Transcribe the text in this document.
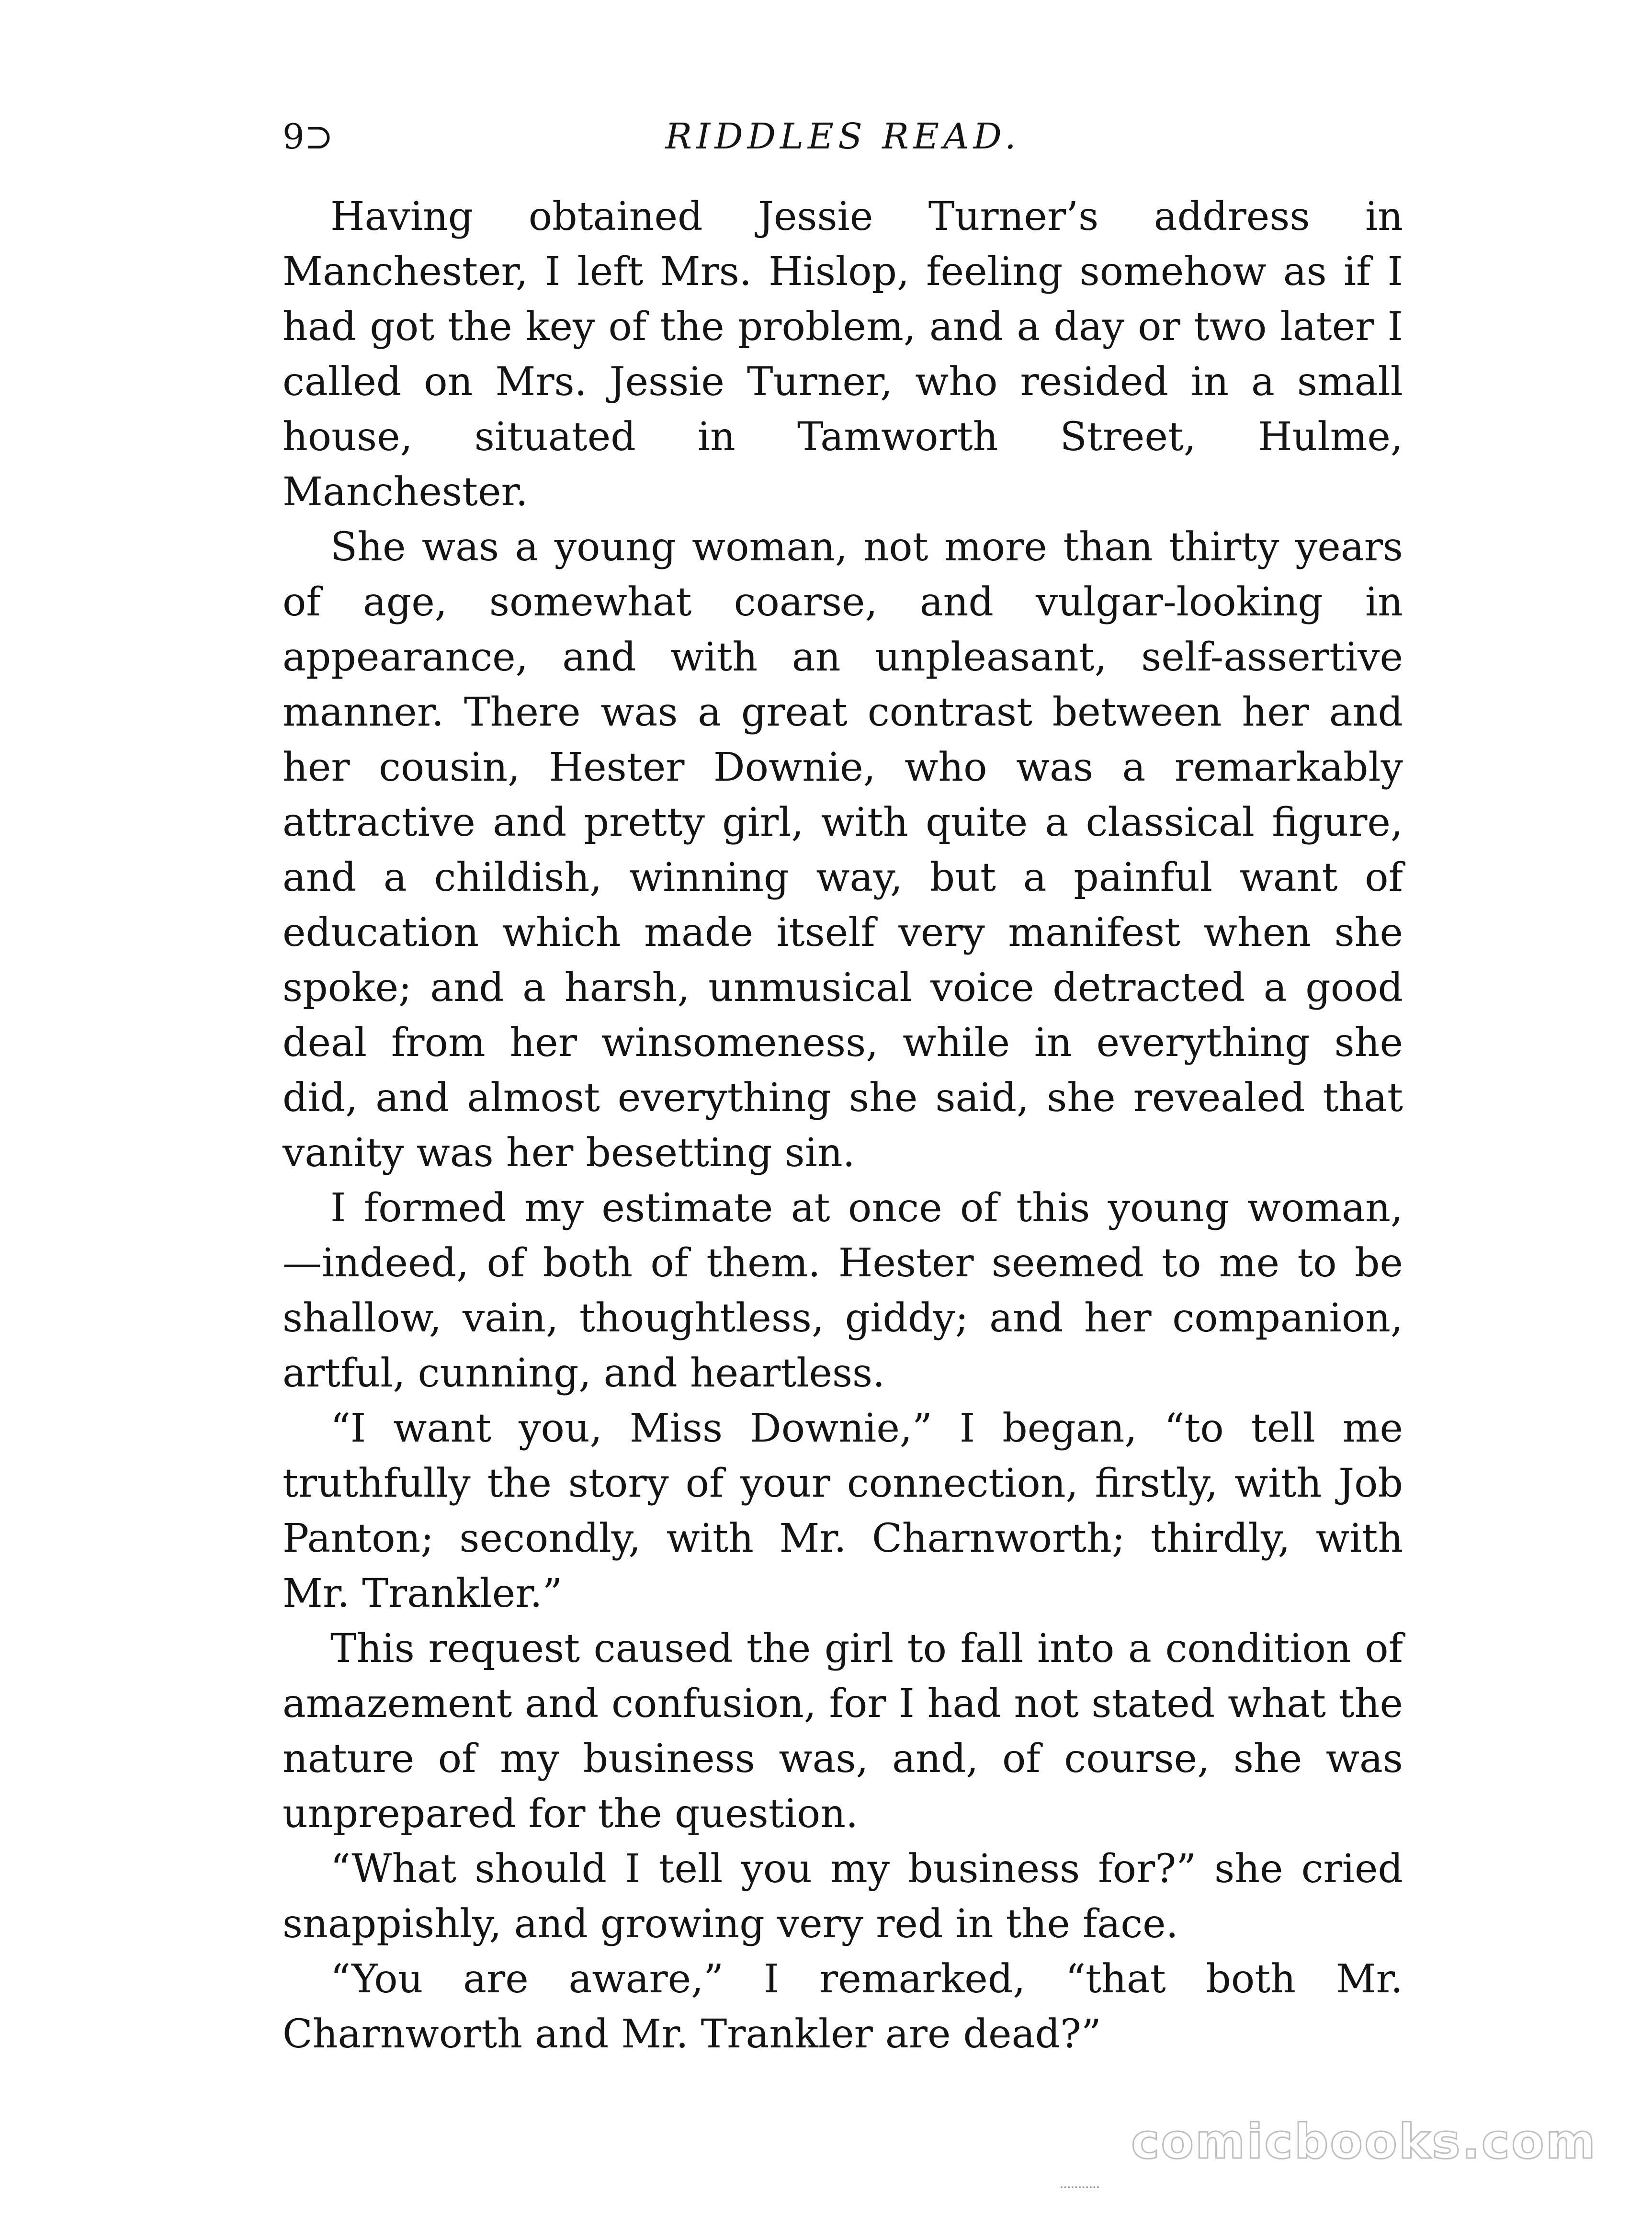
9⊃	RIDDLES READ.

Having obtained Jessie Turner’s address in Manchester, I left Mrs. Hislop, feeling somehow as if I had got the key of the problem, and a day or two later I called on Mrs. Jessie Turner, who resided in a small house, situated in Tamworth Street, Hulme, Manchester.

She was a young woman, not more than thirty years of age, somewhat coarse, and vulgar-looking in appearance, and with an unpleasant, self-assertive manner. There was a great contrast between her and her cousin, Hester Downie, who was a remarkably attractive and pretty girl, with quite a classical figure, and a childish, winning way, but a painful want of education which made itself very manifest when she spoke; and a harsh, unmusical voice detracted a good deal from her winsomeness, while in everything she did, and almost everything she said, she revealed that vanity was her besetting sin.

I formed my estimate at once of this young woman, —indeed, of both of them. Hester seemed to me to be shallow, vain, thoughtless, giddy; and her companion, artful, cunning, and heartless.

“I want you, Miss Downie,” I began, “to tell me truthfully the story of your connection, firstly, with Job Panton; secondly, with Mr. Charnworth; thirdly, with Mr. Trankler.”

This request caused the girl to fall into a condition of amazement and confusion, for I had not stated what the nature of my business was, and, of course, she was unprepared for the question.

“What should I tell you my business for?” she cried snappishly, and growing very red in the face.

“You are aware,” I remarked, “that both Mr. Charnworth and Mr. Trankler are dead?”

comicbooks.com
